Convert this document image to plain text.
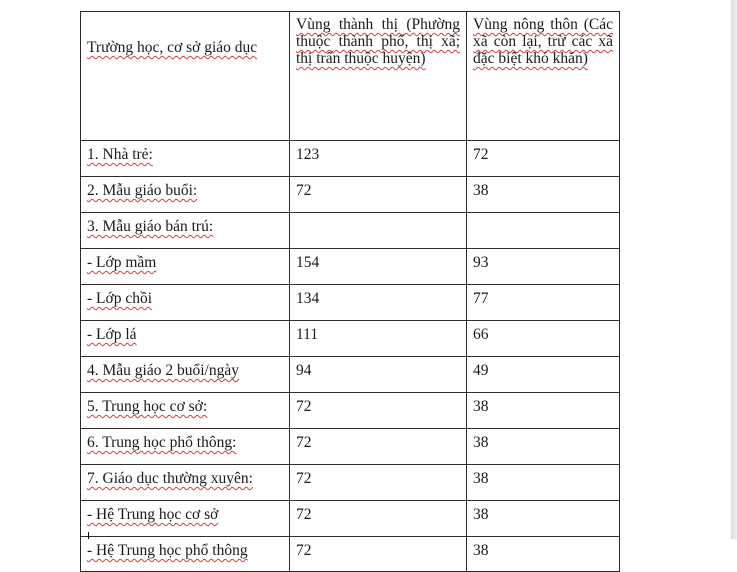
Trường học, cơ sở giáo dục	Vùng thành thị (Phường thuộc thành phố, thị xã; thị trấn thuộc huyện)	Vùng nông thôn (Các xã còn lại, trừ các xã đặc biệt khó khăn)
1. Nhà trẻ:	123	72
2. Mẫu giáo buổi:	72	38
3. Mẫu giáo bán trú:		
- Lớp mầm	154	93
- Lớp chồi	134	77
- Lớp lá	111	66
4. Mẫu giáo 2 buổi/ngày	94	49
5. Trung học cơ sở:	72	38
6. Trung học phổ thông:	72	38
7. Giáo dục thường xuyên:	72	38
- Hệ Trung học cơ sở	72	38
- Hệ Trung học phổ thông	72	38
